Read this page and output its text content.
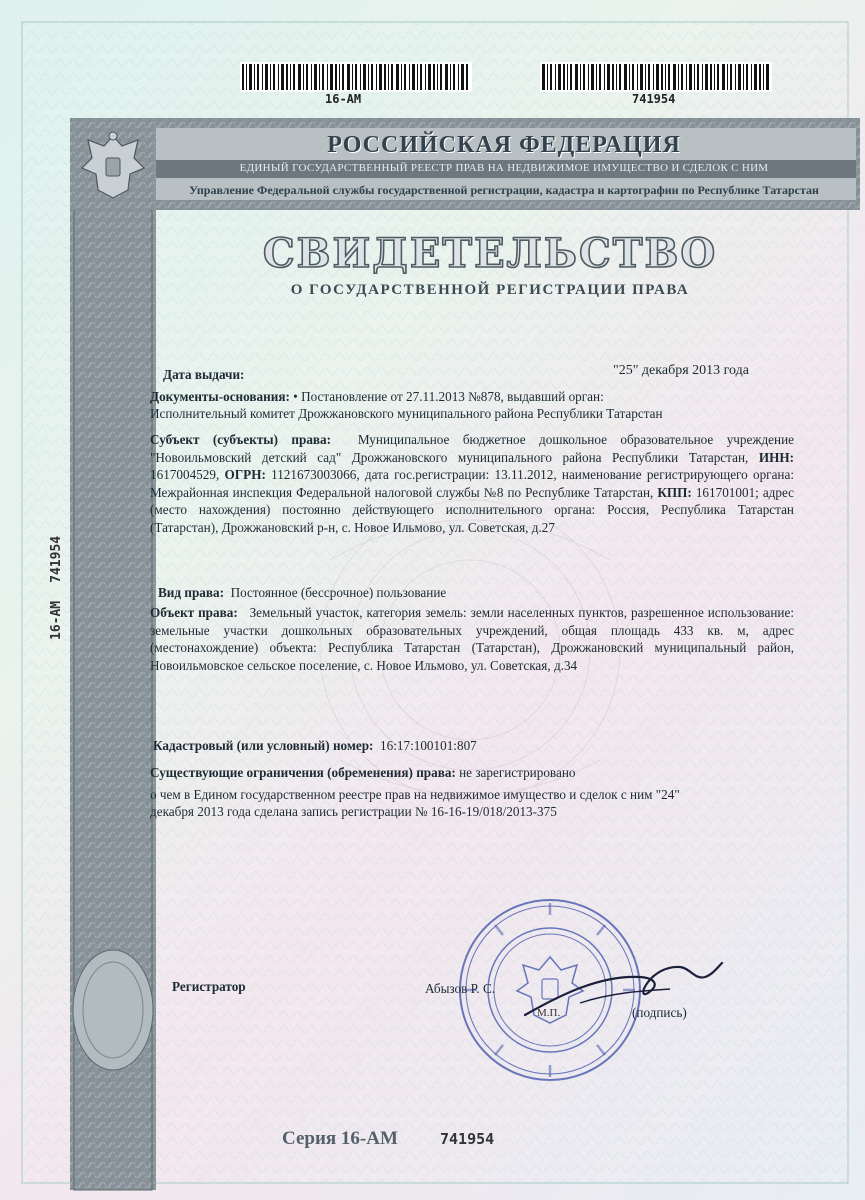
16-AM	741954
РОССИЙСКАЯ ФЕДЕРАЦИЯ
ЕДИНЫЙ ГОСУДАРСТВЕННЫЙ РЕЕСТР ПРАВ НА НЕДВИЖИМОЕ ИМУЩЕСТВО И СДЕЛОК С НИМ
Управление Федеральной службы государственной регистрации, кадастра и картографии по Республике Татарстан
СВИДЕТЕЛЬСТВО
О ГОСУДАРСТВЕННОЙ РЕГИСТРАЦИИ ПРАВА
16-АМ741954
Дата выдачи:	"25" декабря 2013 года
Документы-основания: • Постановление от 27.11.2013 №878, выдавший орган:
Исполнительный комитет Дрожжановского муниципального района Республики Татарстан

Субъект (субъекты) права: Муниципальное бюджетное дошкольное образовательное учреждение "Новоильмовский детский сад" Дрожжановского муниципального района Республики Татарстан, ИНН: 1617004529, ОГРН: 1121673003066, дата гос.регистрации: 13.11.2012, наименование регистрирующего органа: Межрайонная инспекция Федеральной налоговой службы №8 по Республике Татарстан, КПП: 161701001; адрес (место нахождения) постоянно действующего исполнительного органа: Россия, Республика Татарстан (Татарстан), Дрожжановский р-н, с. Новое Ильмово, ул. Советская, д.27

Вид права: Постоянное (бессрочное) пользование

Объект права: Земельный участок, категория земель: земли населенных пунктов, разрешенное использование: земельные участки дошкольных образовательных учреждений, общая площадь 433 кв. м, адрес (местонахождение) объекта: Республика Татарстан (Татарстан), Дрожжановский муниципальный район, Новоильмовское сельское поселение, с. Новое Ильмово, ул. Советская, д.34

Кадастровый (или условный) номер: 16:17:100101:807
Существующие ограничения (обременения) права: не зарегистрировано
о чем в Едином государственном реестре прав на недвижимое имущество и сделок с ним "24"
декабря 2013 года сделана запись регистрации № 16-16-19/018/2013-375
Регистратор	Абызов Р. С.
М.П.	(подпись)
Серия 16-АМ	741954
